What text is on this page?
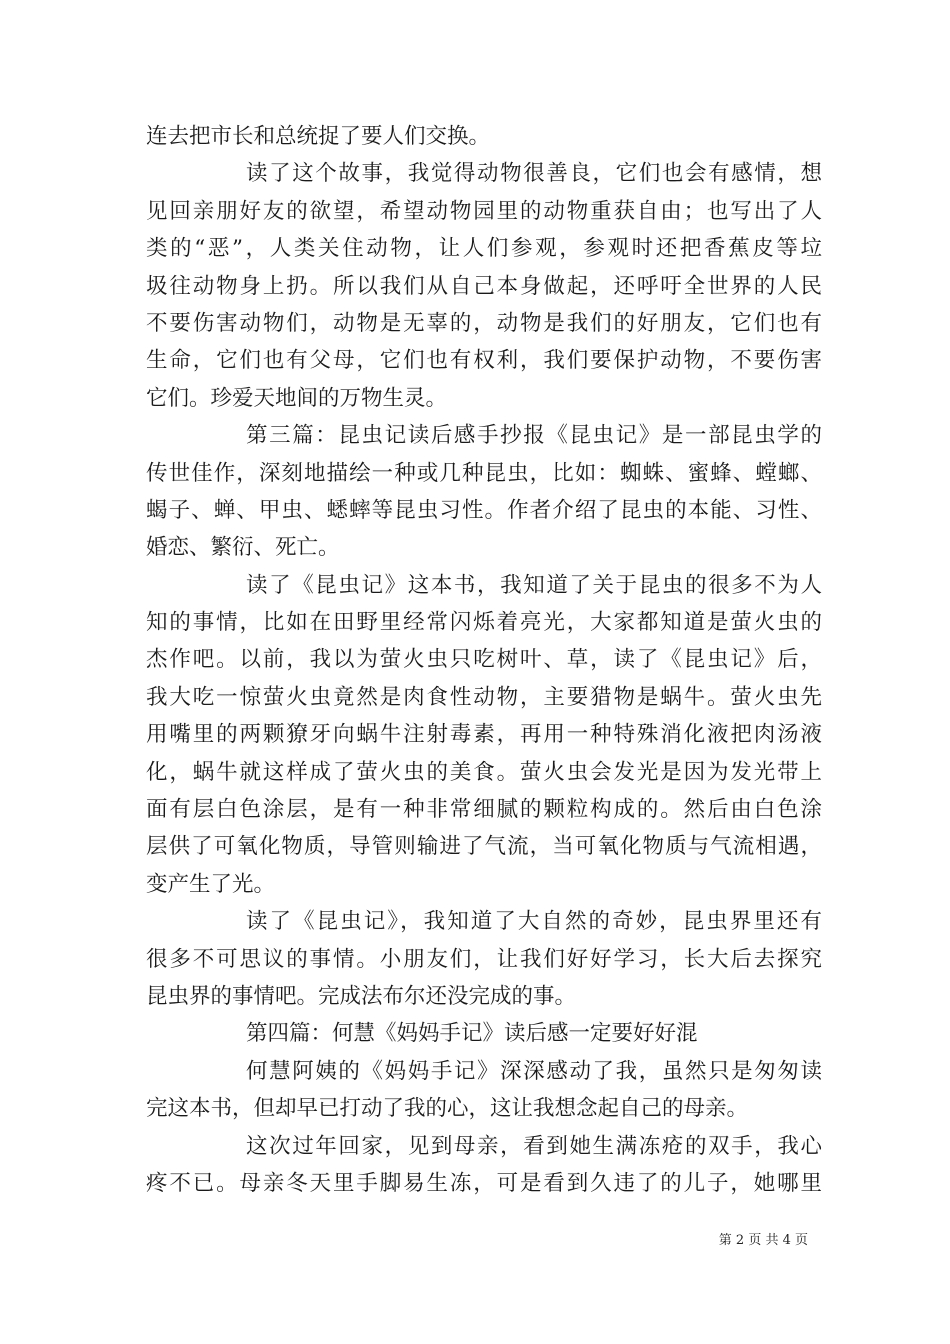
连去把市长和总统捉了要人们交换。
读了这个故事，我觉得动物很善良，它们也会有感情，想
见回亲朋好友的欲望，希望动物园里的动物重获自由；也写出了人
类的“恶”，人类关住动物，让人们参观，参观时还把香蕉皮等垃
圾往动物身上扔。所以我们从自己本身做起，还呼吁全世界的人民
不要伤害动物们，动物是无辜的，动物是我们的好朋友，它们也有
生命，它们也有父母，它们也有权利，我们要保护动物，不要伤害
它们。珍爱天地间的万物生灵。
第三篇：昆虫记读后感手抄报《昆虫记》是一部昆虫学的
传世佳作，深刻地描绘一种或几种昆虫，比如：蜘蛛、蜜蜂、螳螂、
蝎子、蝉、甲虫、蟋蟀等昆虫习性。作者介绍了昆虫的本能、习性、
婚恋、繁衍、死亡。
读了《昆虫记》这本书，我知道了关于昆虫的很多不为人
知的事情，比如在田野里经常闪烁着亮光，大家都知道是萤火虫的
杰作吧。以前，我以为萤火虫只吃树叶、草，读了《昆虫记》后，
我大吃一惊萤火虫竟然是肉食性动物，主要猎物是蜗牛。萤火虫先
用嘴里的两颗獠牙向蜗牛注射毒素，再用一种特殊消化液把肉汤液
化，蜗牛就这样成了萤火虫的美食。萤火虫会发光是因为发光带上
面有层白色涂层，是有一种非常细腻的颗粒构成的。然后由白色涂
层供了可氧化物质，导管则输进了气流，当可氧化物质与气流相遇，
变产生了光。
读了《昆虫记》，我知道了大自然的奇妙，昆虫界里还有
很多不可思议的事情。小朋友们，让我们好好学习，长大后去探究
昆虫界的事情吧。完成法布尔还没完成的事。
第四篇：何慧《妈妈手记》读后感一定要好好混
何慧阿姨的《妈妈手记》深深感动了我，虽然只是匆匆读
完这本书，但却早已打动了我的心，这让我想念起自己的母亲。
这次过年回家，见到母亲，看到她生满冻疮的双手，我心
疼不已。母亲冬天里手脚易生冻，可是看到久违了的儿子，她哪里
第 2 页 共 4 页
